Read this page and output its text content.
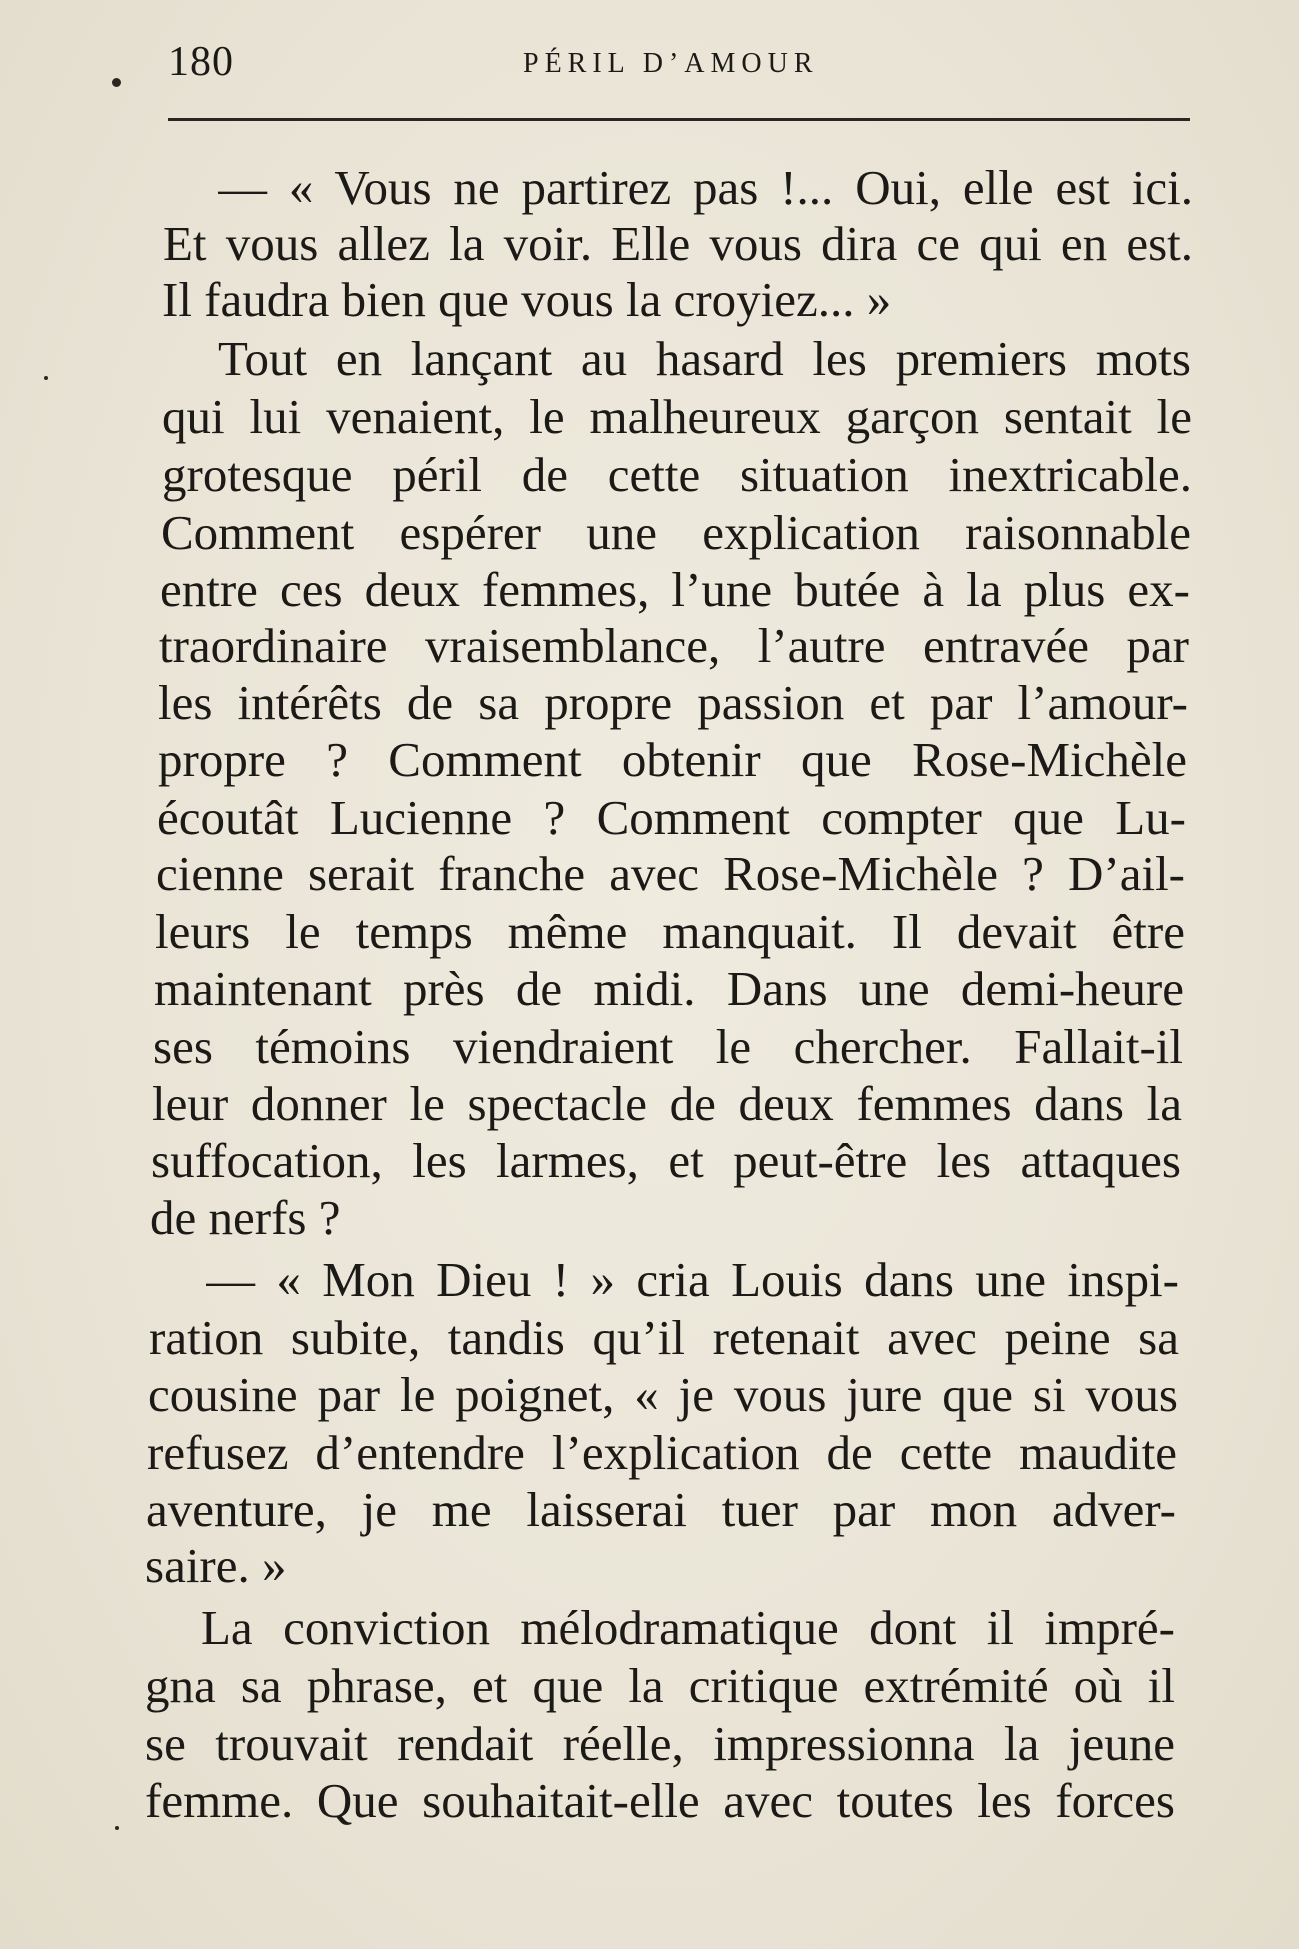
180	PÉRIL D’AMOUR
— « Vous ne partirez pas !... Oui, elle est ici.
Et vous allez la voir. Elle vous dira ce qui en est.
Il faudra bien que vous la croyiez... »
Tout en lançant au hasard les premiers mots
qui lui venaient, le malheureux garçon sentait le
grotesque péril de cette situation inextricable.
Comment espérer une explication raisonnable
entre ces deux femmes, l’une butée à la plus ex-
traordinaire vraisemblance, l’autre entravée par
les intérêts de sa propre passion et par l’amour-
propre ? Comment obtenir que Rose-Michèle
écoutât Lucienne ? Comment compter que Lu-
cienne serait franche avec Rose-Michèle ? D’ail-
leurs le temps même manquait. Il devait être
maintenant près de midi. Dans une demi-heure
ses témoins viendraient le chercher. Fallait-il
leur donner le spectacle de deux femmes dans la
suffocation, les larmes, et peut-être les attaques
de nerfs ?
— « Mon Dieu ! » cria Louis dans une inspi-
ration subite, tandis qu’il retenait avec peine sa
cousine par le poignet, « je vous jure que si vous
refusez d’entendre l’explication de cette maudite
aventure, je me laisserai tuer par mon adver-
saire. »
La conviction mélodramatique dont il impré-
gna sa phrase, et que la critique extrémité où il
se trouvait rendait réelle, impressionna la jeune
femme. Que souhaitait-elle avec toutes les forces
